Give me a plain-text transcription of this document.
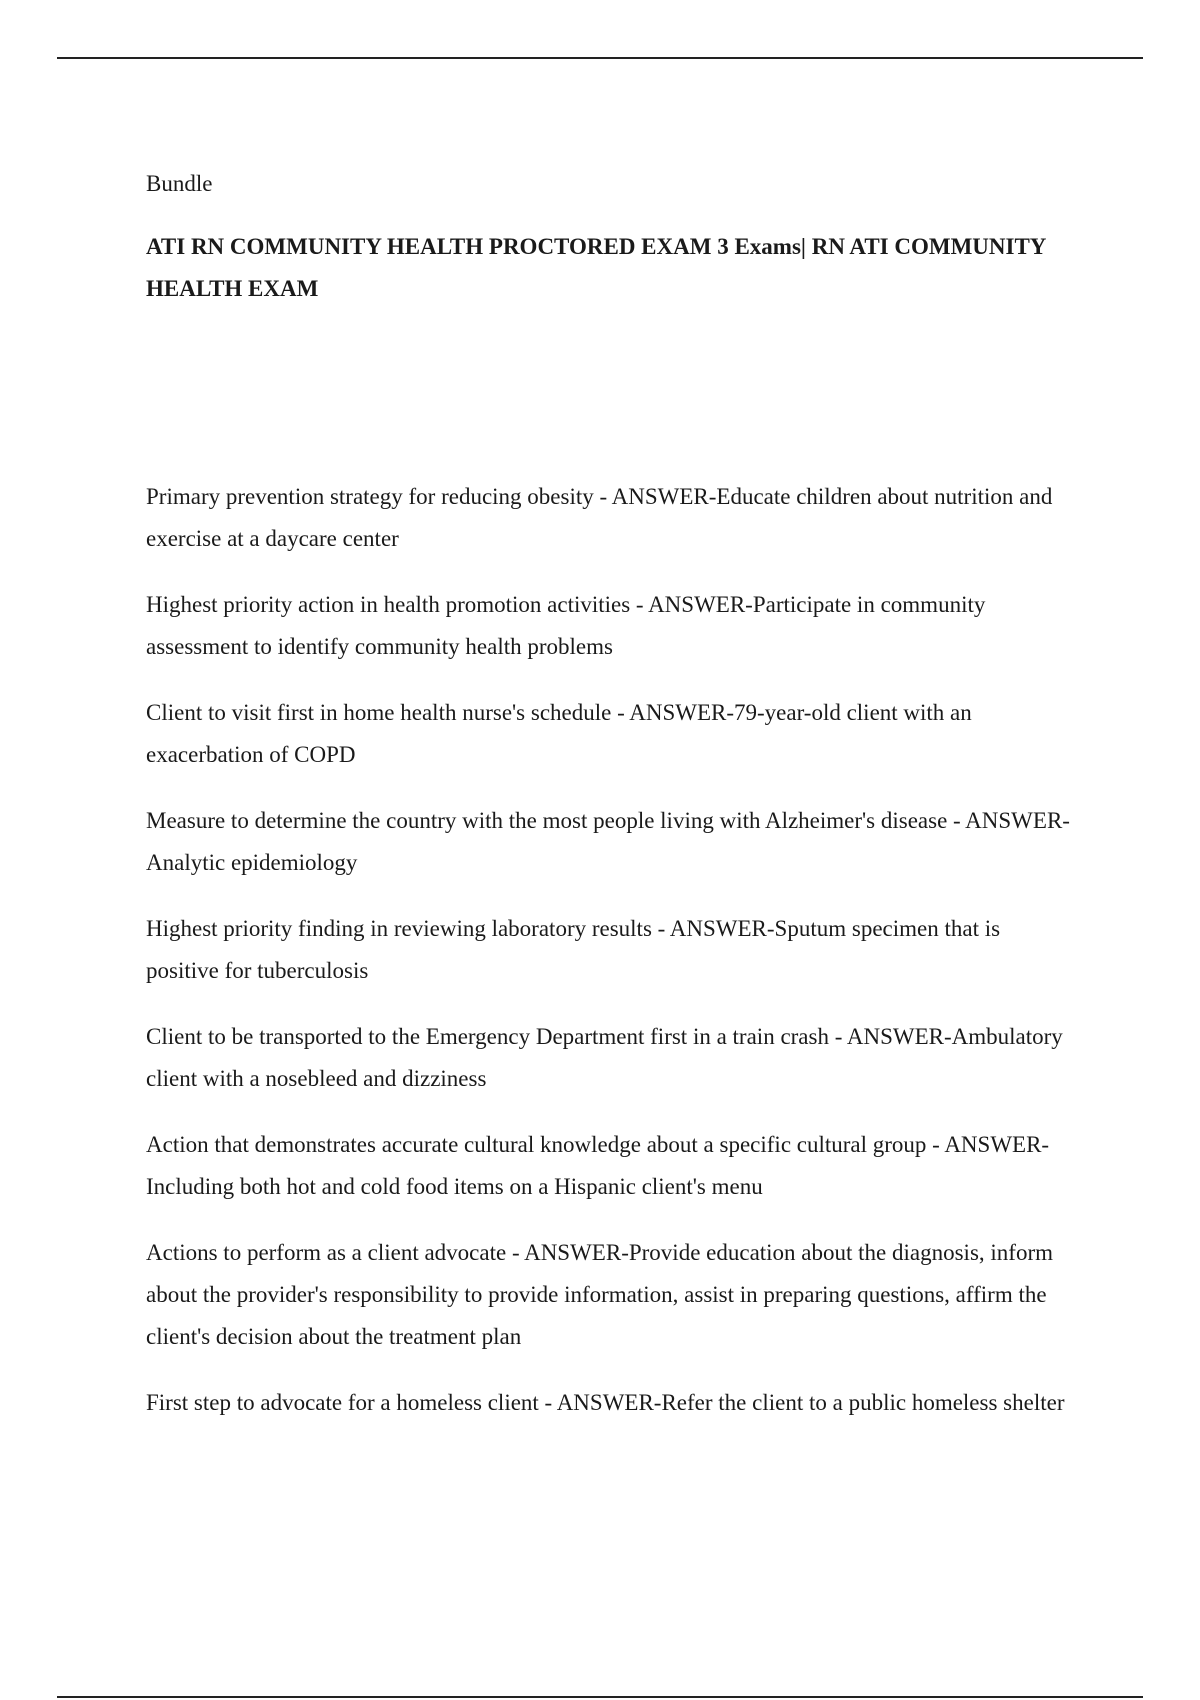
Bundle

ATI RN COMMUNITY HEALTH PROCTORED EXAM 3 Exams| RN ATI COMMUNITY HEALTH EXAM

Primary prevention strategy for reducing obesity - ANSWER-Educate children about nutrition and exercise at a daycare center

Highest priority action in health promotion activities - ANSWER-Participate in community assessment to identify community health problems

Client to visit first in home health nurse's schedule - ANSWER-79-year-old client with an exacerbation of COPD

Measure to determine the country with the most people living with Alzheimer's disease - ANSWER-Analytic epidemiology

Highest priority finding in reviewing laboratory results - ANSWER-Sputum specimen that is positive for tuberculosis

Client to be transported to the Emergency Department first in a train crash - ANSWER-Ambulatory client with a nosebleed and dizziness

Action that demonstrates accurate cultural knowledge about a specific cultural group - ANSWER-Including both hot and cold food items on a Hispanic client's menu

Actions to perform as a client advocate - ANSWER-Provide education about the diagnosis, inform about the provider's responsibility to provide information, assist in preparing questions, affirm the client's decision about the treatment plan

First step to advocate for a homeless client - ANSWER-Refer the client to a public homeless shelter
